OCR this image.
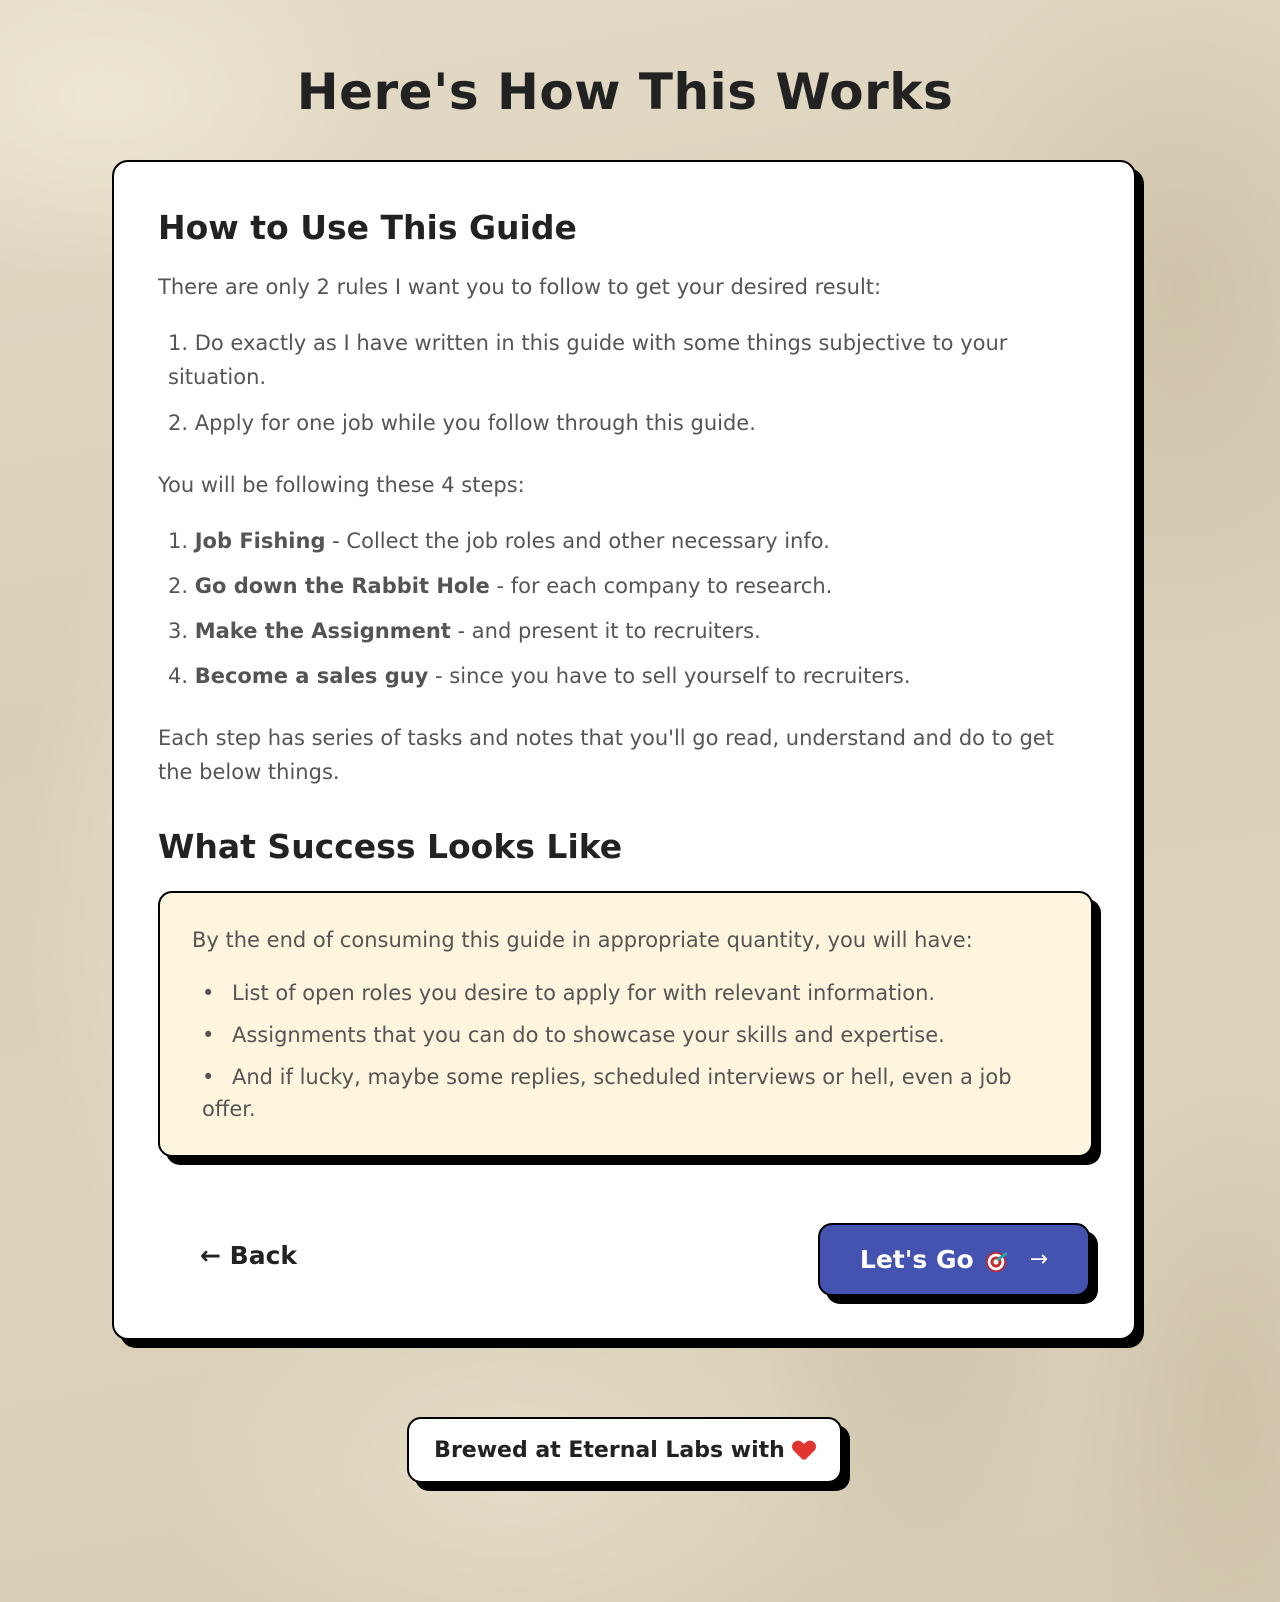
Here's How This Works
How to Use This Guide

There are only 2 rules I want you to follow to get your desired result:

1. Do exactly as I have written in this guide with some things subjective to your situation.
2. Apply for one job while you follow through this guide.

You will be following these 4 steps:

1. Job Fishing - Collect the job roles and other necessary info.
2. Go down the Rabbit Hole - for each company to research.
3. Make the Assignment - and present it to recruiters.
4. Become a sales guy - since you have to sell yourself to recruiters.

Each step has series of tasks and notes that you'll go read, understand and do to get the below things.

What Success Looks Like

By the end of consuming this guide in appropriate quantity, you will have:

• List of open roles you desire to apply for with relevant information.
• Assignments that you can do to showcase your skills and expertise.
• And if lucky, maybe some replies, scheduled interviews or hell, even a job offer.
← Back	Let's Go	→
Brewed at Eternal Labs with
